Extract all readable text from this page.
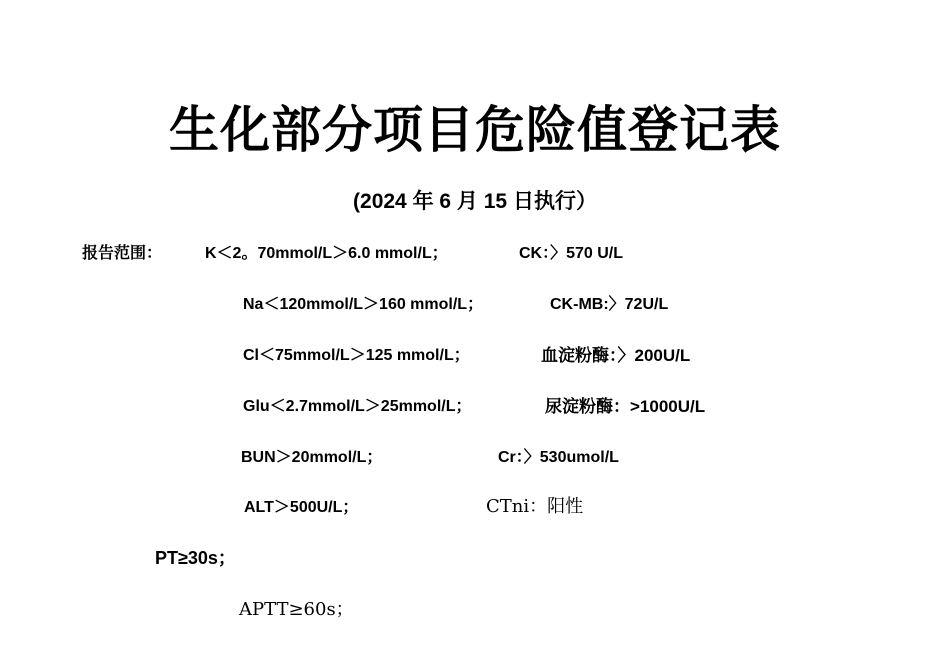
生化部分项目危险值登记表
(2024 年 6 月 15 日执行）
报告范围：	K＜2。70mmol/L＞6.0 mmol/L；	CK：〉570 U/L
Na＜120mmol/L＞160 mmol/L；	CK-MB:〉72U/L
Cl＜75mmol/L＞125 mmol/L；	血淀粉酶：〉200U/L
Glu＜2.7mmol/L＞25mmol/L；	尿淀粉酶：>1000U/L
BUN＞20mmol/L；	Cr：〉530umol/L
ALT＞500U/L；	CTni：阳性
PT≥30s；
APTT≥60s；
